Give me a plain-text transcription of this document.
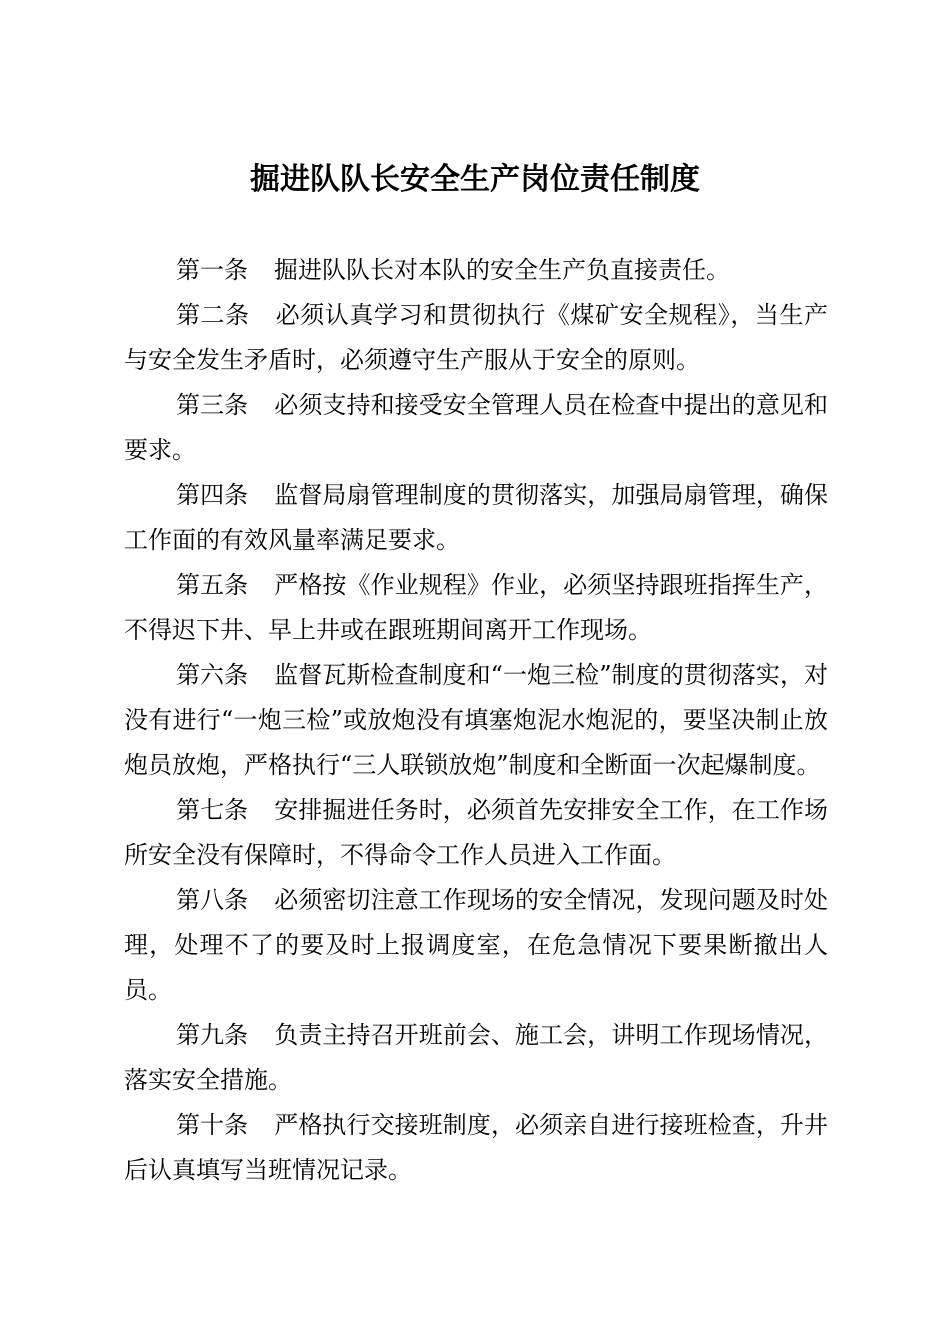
掘进队队长安全生产岗位责任制度

第一条 掘进队队长对本队的安全生产负直接责任。

第二条 必须认真学习和贯彻执行《煤矿安全规程》，当生产与安全发生矛盾时，必须遵守生产服从于安全的原则。

第三条 必须支持和接受安全管理人员在检查中提出的意见和要求。

第四条 监督局扇管理制度的贯彻落实，加强局扇管理，确保工作面的有效风量率满足要求。

第五条 严格按《作业规程》作业，必须坚持跟班指挥生产，不得迟下井、早上井或在跟班期间离开工作现场。

第六条 监督瓦斯检查制度和“一炮三检”制度的贯彻落实，对没有进行“一炮三检”或放炮没有填塞炮泥水炮泥的，要坚决制止放炮员放炮，严格执行“三人联锁放炮”制度和全断面一次起爆制度。

第七条 安排掘进任务时，必须首先安排安全工作，在工作场所安全没有保障时，不得命令工作人员进入工作面。

第八条 必须密切注意工作现场的安全情况，发现问题及时处理，处理不了的要及时上报调度室，在危急情况下要果断撤出人员。

第九条 负责主持召开班前会、施工会，讲明工作现场情况，落实安全措施。

第十条 严格执行交接班制度，必须亲自进行接班检查，升井后认真填写当班情况记录。
